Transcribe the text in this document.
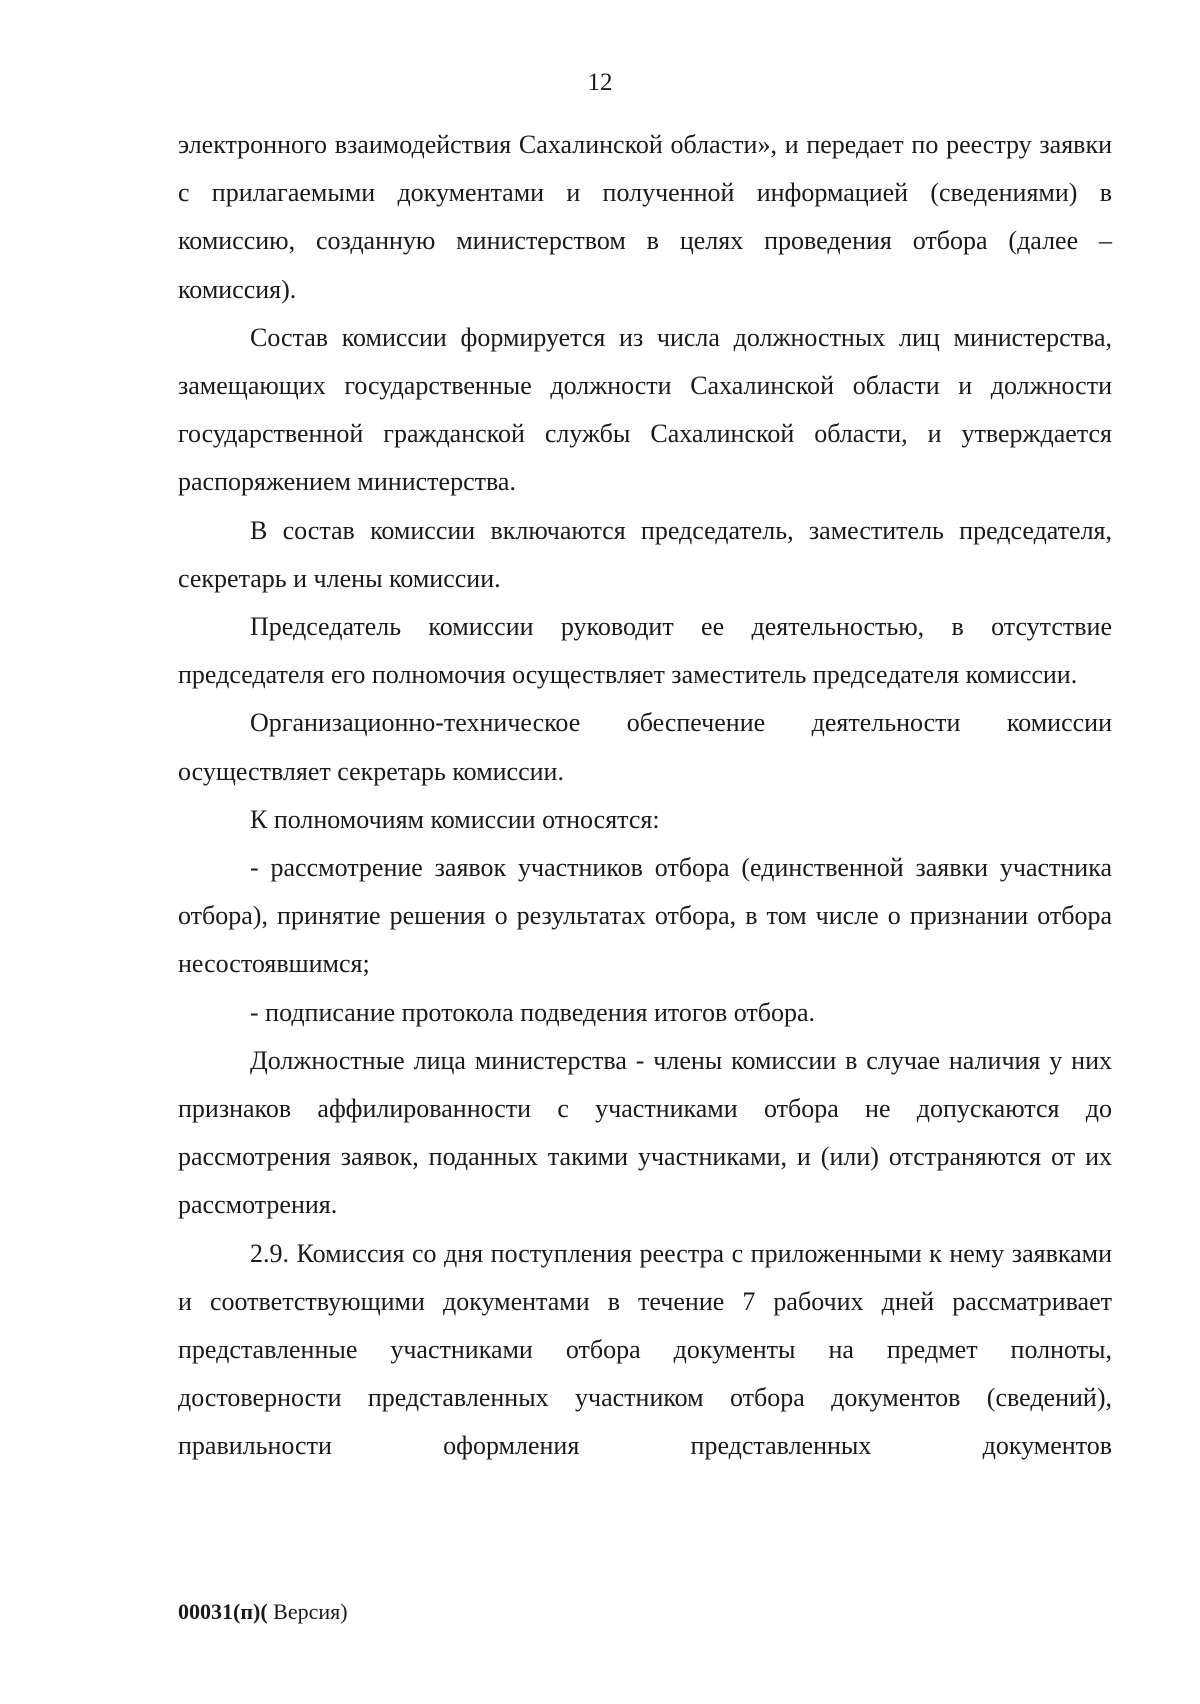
12

электронного взаимодействия Сахалинской области», и передает по реестру заявки с прилагаемыми документами и полученной информацией (сведениями) в комиссию, созданную министерством в целях проведения отбора (далее – комиссия).

Состав комиссии формируется из числа должностных лиц министерства, замещающих государственные должности Сахалинской области и должности государственной гражданской службы Сахалинской области, и утверждается распоряжением министерства.

В состав комиссии включаются председатель, заместитель председателя, секретарь и члены комиссии.

Председатель комиссии руководит ее деятельностью, в отсутствие председателя его полномочия осуществляет заместитель председателя комиссии.

Организационно-техническое обеспечение деятельности комиссии осуществляет секретарь комиссии.

К полномочиям комиссии относятся:

- рассмотрение заявок участников отбора (единственной заявки участника отбора), принятие решения о результатах отбора, в том числе о признании отбора несостоявшимся;

- подписание протокола подведения итогов отбора.

Должностные лица министерства - члены комиссии в случае наличия у них признаков аффилированности с участниками отбора не допускаются до рассмотрения заявок, поданных такими участниками, и (или) отстраняются от их рассмотрения.

2.9. Комиссия со дня поступления реестра с приложенными к нему заявками и соответствующими документами в течение 7 рабочих дней рассматривает представленные участниками отбора документы на предмет полноты, достоверности представленных участником отбора документов (сведений), правильности оформления представленных документов

00031(п)( Версия)
